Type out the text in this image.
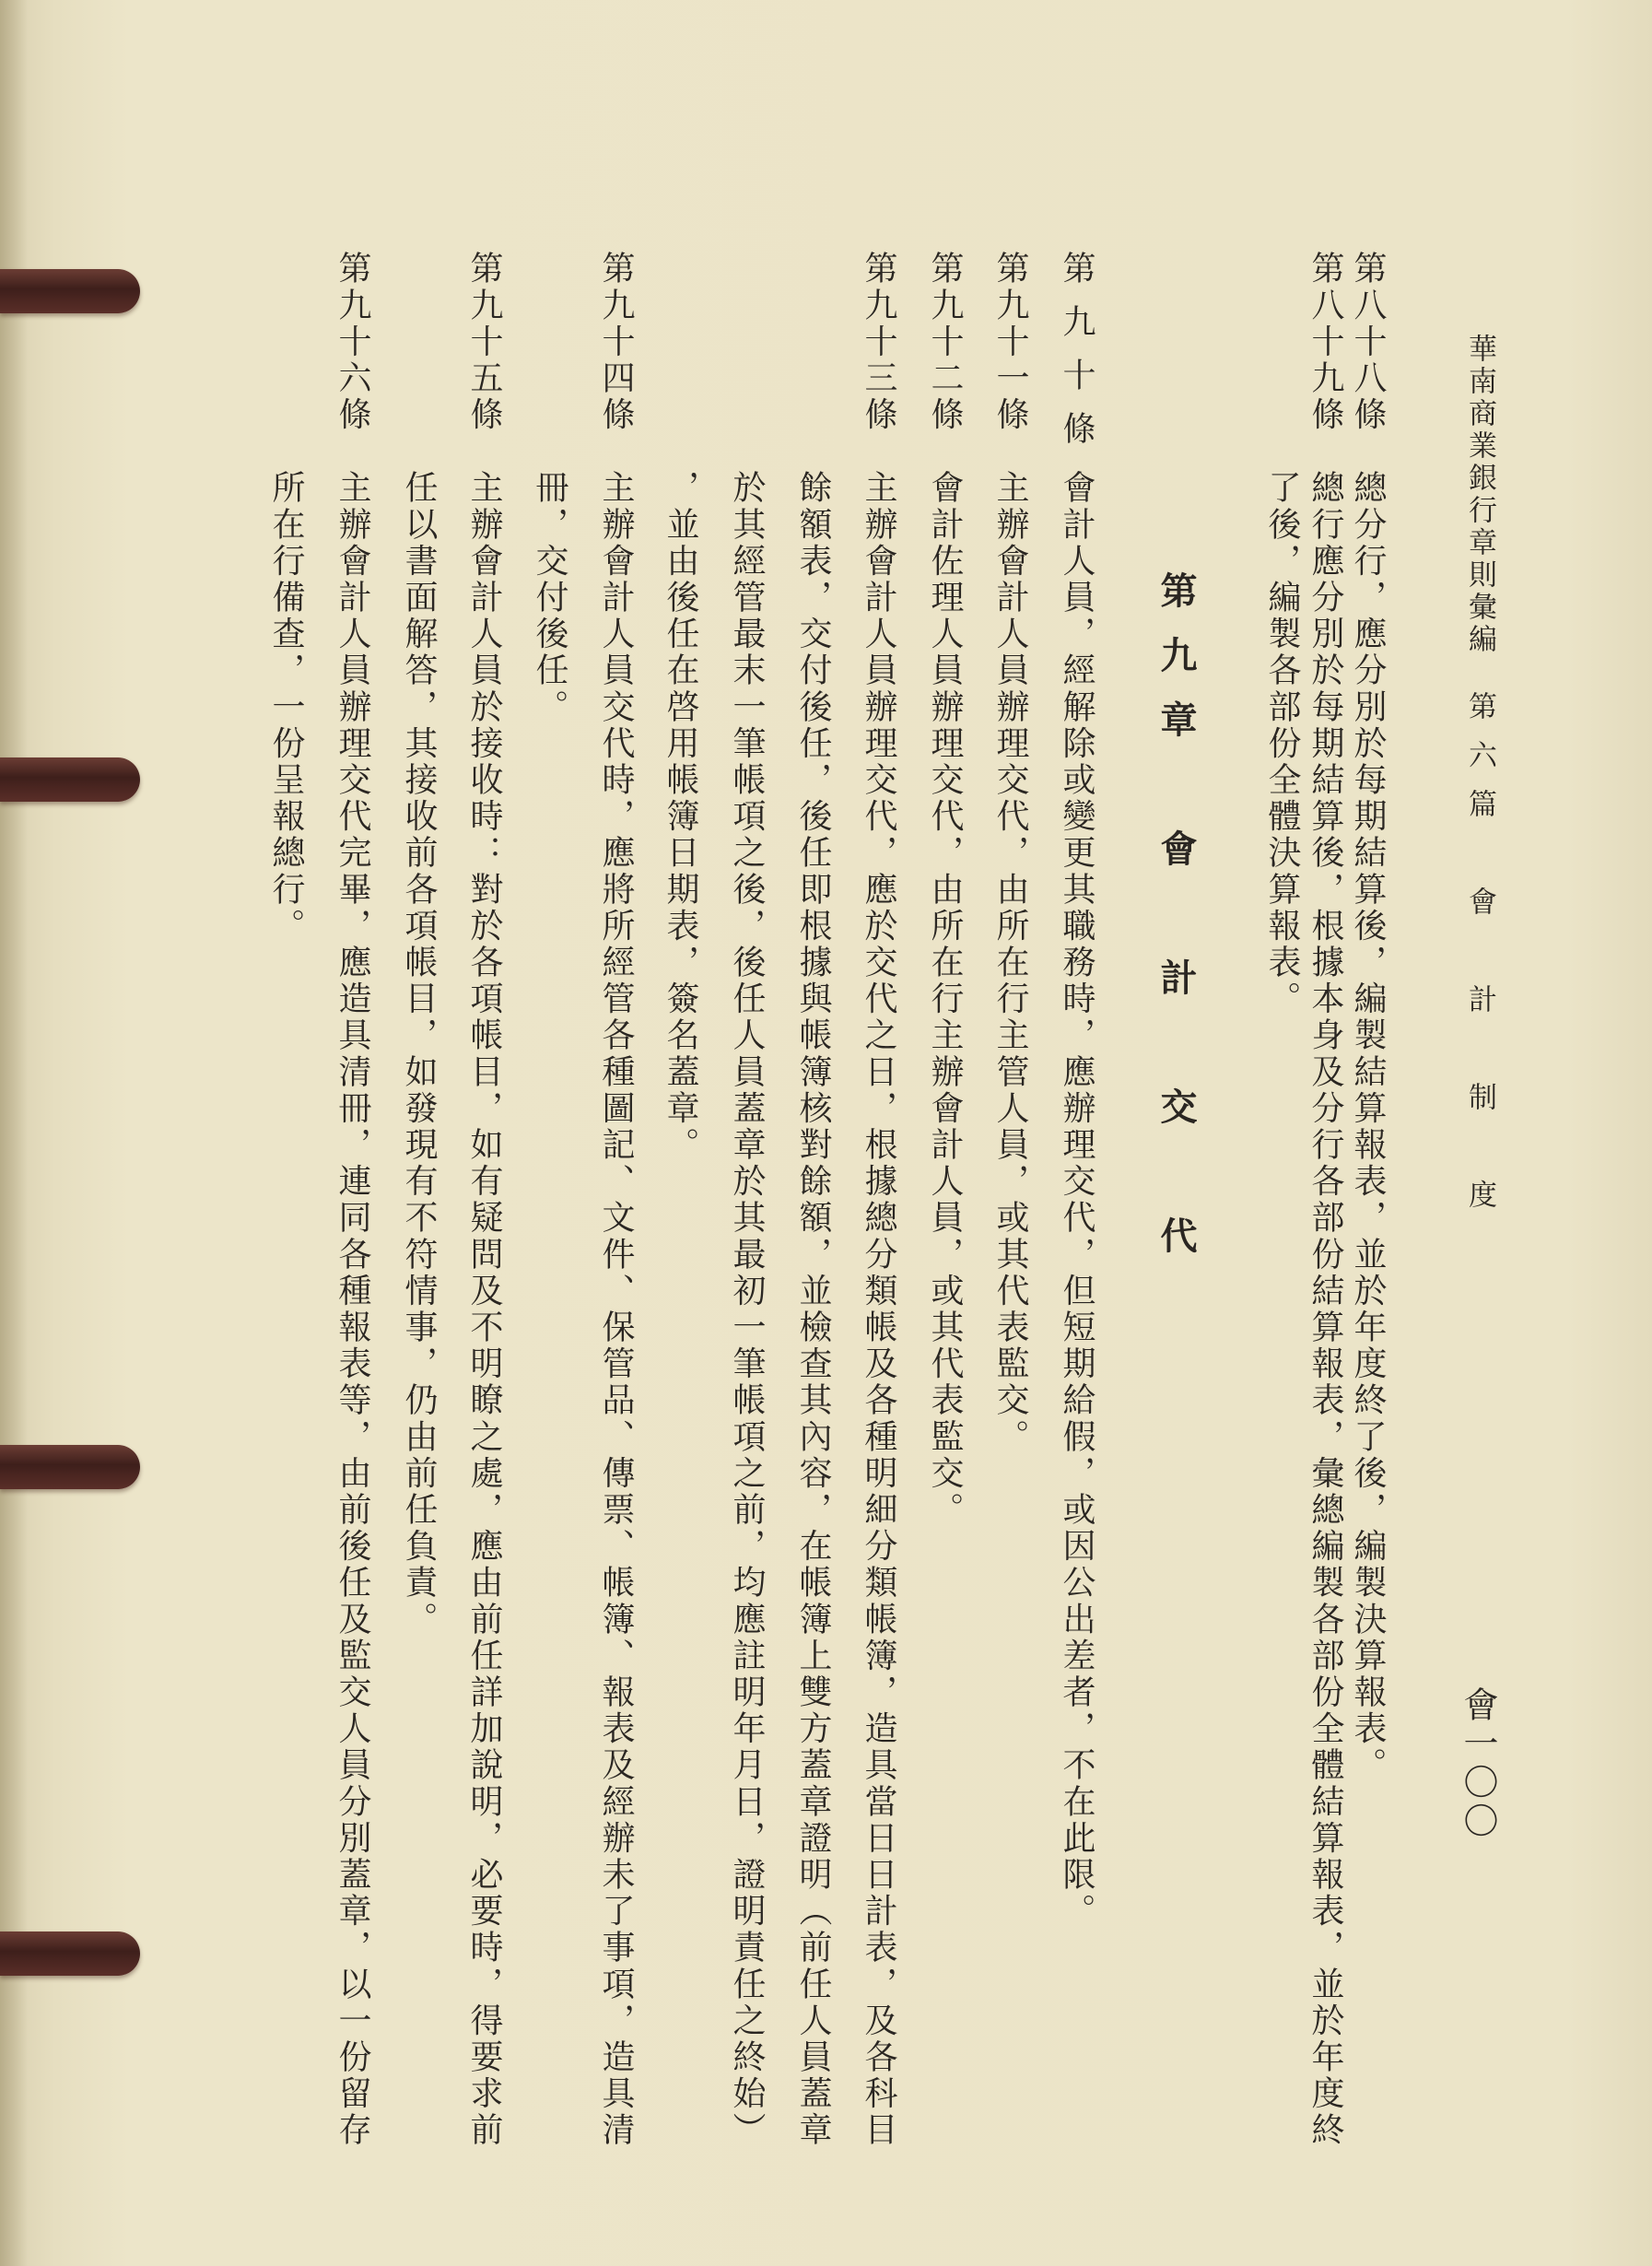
華南商業銀行章則彙編
第六篇　會　計　制　度
會一〇〇
第八十八條
總分行，應分別於每期結算後，編製結算報表，並於年度終了後，編製決算報表。
第八十九條
總行應分別於每期結算後，根據本身及分行各部份結算報表，彙總編製各部份全體結算報表，並於年度終
了後，編製各部份全體決算報表。
第九章　會　計　交　代
第九十條
會計人員，經解除或變更其職務時，應辦理交代，但短期給假，或因公出差者，不在此限。
第九十一條
主辦會計人員辦理交代，由所在行主管人員，或其代表監交。
第九十二條
會計佐理人員辦理交代，由所在行主辦會計人員，或其代表監交。
第九十三條
主辦會計人員辦理交代，應於交代之日，根據總分類帳及各種明細分類帳簿，造具當日日計表，及各科目
餘額表，交付後任，後任即根據與帳簿核對餘額，並檢查其內容，在帳簿上雙方蓋章證明（前任人員蓋章
於其經管最末一筆帳項之後，後任人員蓋章於其最初一筆帳項之前，均應註明年月日，證明責任之終始）
，並由後任在啓用帳簿日期表，簽名蓋章。
第九十四條
主辦會計人員交代時，應將所經管各種圖記、文件、保管品、傳票、帳簿、報表及經辦未了事項，造具清
冊，交付後任。
第九十五條
主辦會計人員於接收時：對於各項帳目，如有疑問及不明瞭之處，應由前任詳加說明，必要時，得要求前
任以書面解答，其接收前各項帳目，如發現有不符情事，仍由前任負責。
第九十六條
主辦會計人員辦理交代完畢，應造具清冊，連同各種報表等，由前後任及監交人員分別蓋章，以一份留存
所在行備查，一份呈報總行。
